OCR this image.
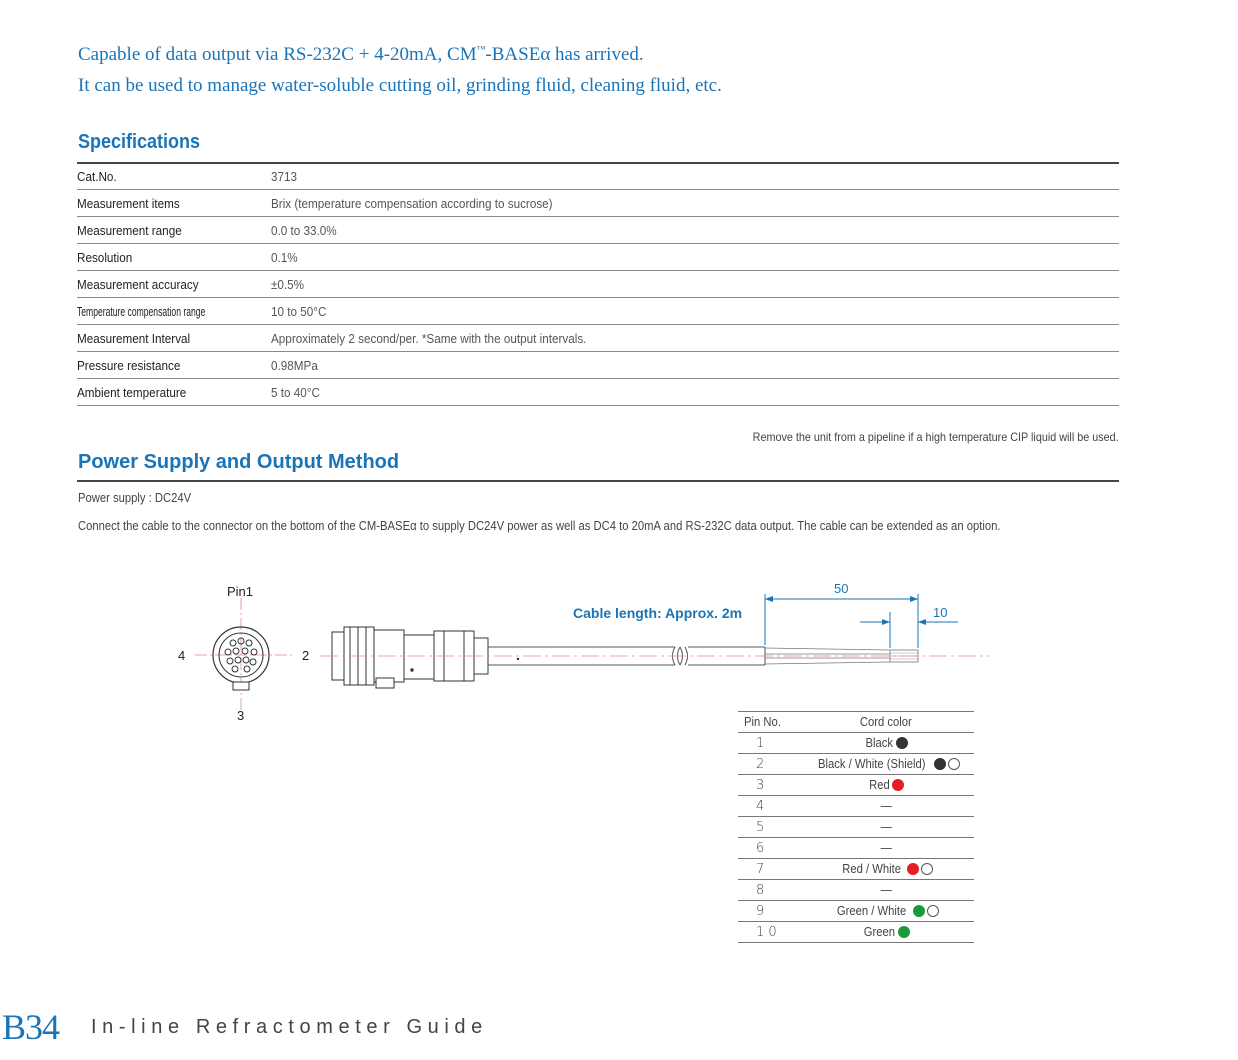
Capable of data output via RS-232C + 4-20mA, CM™-BASEα has arrived.
It can be used to manage water-soluble cutting oil, grinding fluid, cleaning fluid, etc.
Specifications
Cat.No.	3713
Measurement items	Brix (temperature compensation according to sucrose)
Measurement range	0.0 to 33.0%
Resolution	0.1%
Measurement accuracy	±0.5%
Temperature compensation range	10 to 50°C
Measurement Interval	Approximately 2 second/per. *Same with the output intervals.
Pressure resistance	0.98MPa
Ambient temperature	5 to 40°C
Remove the unit from a pipeline if a high temperature CIP liquid will be used.
Power Supply and Output Method
Power supply : DC24V
Connect the cable to the connector on the bottom of the CM-BASEα to supply DC24V power as well as DC4 to 20mA and RS-232C data output. The cable can be extended as an option.
Pin1
4	2
3
Cable length: Approx. 2m
50
10
Pin No.	Cord color
1	Black
2	Black / White (Shield)
3	Red
4	—
5	—
6	—
7	Red / White
8	—
9	Green / White
1 0	Green
B34 In-line Refractometer Guide
